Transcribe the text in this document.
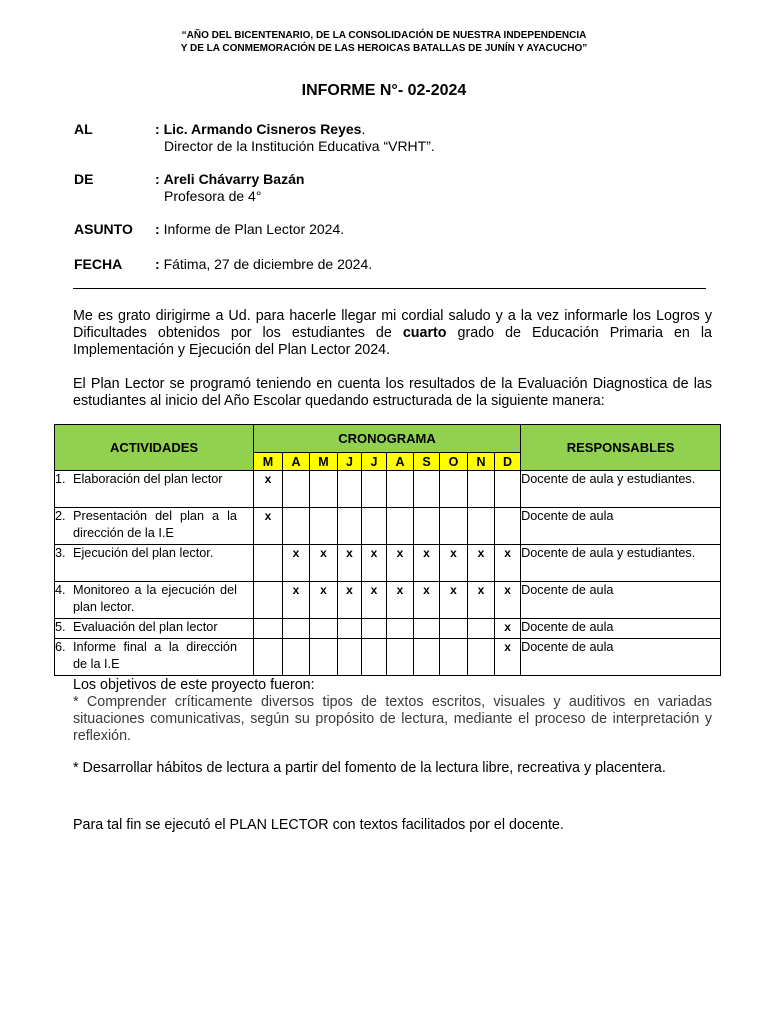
“AÑO DEL BICENTENARIO, DE LA CONSOLIDACIÓN DE NUESTRA INDEPENDENCIA
Y DE LA CONMEMORACIÓN DE LAS HEROICAS BATALLAS DE JUNÍN Y AYACUCHO”
INFORME N°- 02-2024
AL	: Lic. Armando Cisneros Reyes.
Director de la Institución Educativa “VRHT”.
DE	: Areli Chávarry Bazán
Profesora de 4°
ASUNTO	: Informe de Plan Lector 2024.
FECHA	: Fátima, 27 de diciembre de 2024.
Me es grato dirigirme a Ud. para hacerle llegar mi cordial saludo y a la vez informarle los Logros y Dificultades obtenidos por los estudiantes de cuarto grado de Educación Primaria en la Implementación y Ejecución del Plan Lector 2024.
El Plan Lector se programó teniendo en cuenta los resultados de la Evaluación Diagnostica de las estudiantes al inicio del Año Escolar quedando estructurada de la siguiente manera:
ACTIVIDADES	CRONOGRAMA										RESPONSABLES
	M	A	M	J	J	A	S	O	N	D	
1. Elaboración del plan lector	x										Docente de aula y estudiantes.
2. Presentación del plan a la dirección de la I.E	x										Docente de aula
3. Ejecución del plan lector.		x	x	x	x	x	x	x	x	x	Docente de aula y estudiantes.
4. Monitoreo a la ejecución del plan lector.		x	x	x	x	x	x	x	x	x	Docente de aula
5. Evaluación del plan lector										x	Docente de aula
6. Informe final a la dirección de la I.E										x	Docente de aula
Los objetivos de este proyecto fueron:
* Comprender críticamente diversos tipos de textos escritos, visuales y auditivos en variadas situaciones comunicativas, según su propósito de lectura, mediante el proceso de interpretación y reflexión.
* Desarrollar hábitos de lectura a partir del fomento de la lectura libre, recreativa y placentera.
Para tal fin se ejecutó el PLAN LECTOR con textos facilitados por el docente.
